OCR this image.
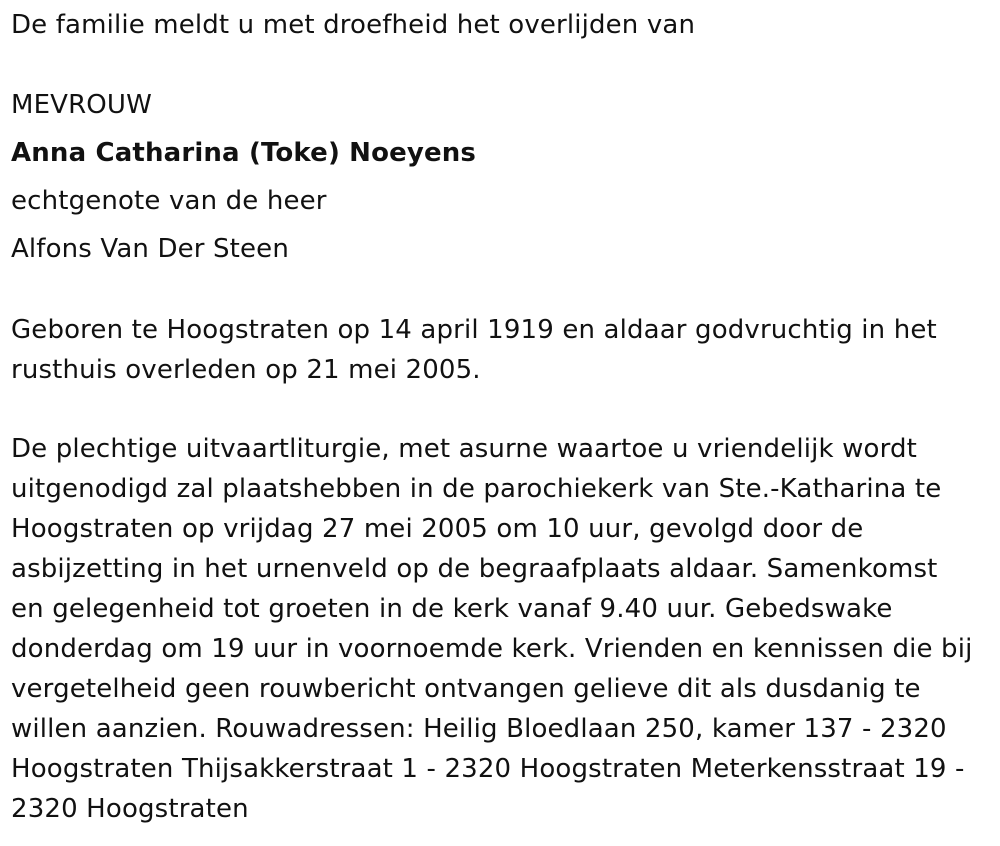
De familie meldt u met droefheid het overlijden van
MEVROUW
Anna Catharina (Toke) Noeyens
echtgenote van de heer
Alfons Van Der Steen
Geboren te Hoogstraten op 14 april 1919 en aldaar godvruchtig in het
rusthuis overleden op 21 mei 2005.
De plechtige uitvaartliturgie, met asurne waartoe u vriendelijk wordt
uitgenodigd zal plaatshebben in de parochiekerk van Ste.-Katharina te
Hoogstraten op vrijdag 27 mei 2005 om 10 uur, gevolgd door de
asbijzetting in het urnenveld op de begraafplaats aldaar. Samenkomst
en gelegenheid tot groeten in de kerk vanaf 9.40 uur. Gebedswake
donderdag om 19 uur in voornoemde kerk. Vrienden en kennissen die bij
vergetelheid geen rouwbericht ontvangen gelieve dit als dusdanig te
willen aanzien. Rouwadressen: Heilig Bloedlaan 250, kamer 137 - 2320
Hoogstraten Thijsakkerstraat 1 - 2320 Hoogstraten Meterkensstraat 19 -
2320 Hoogstraten
